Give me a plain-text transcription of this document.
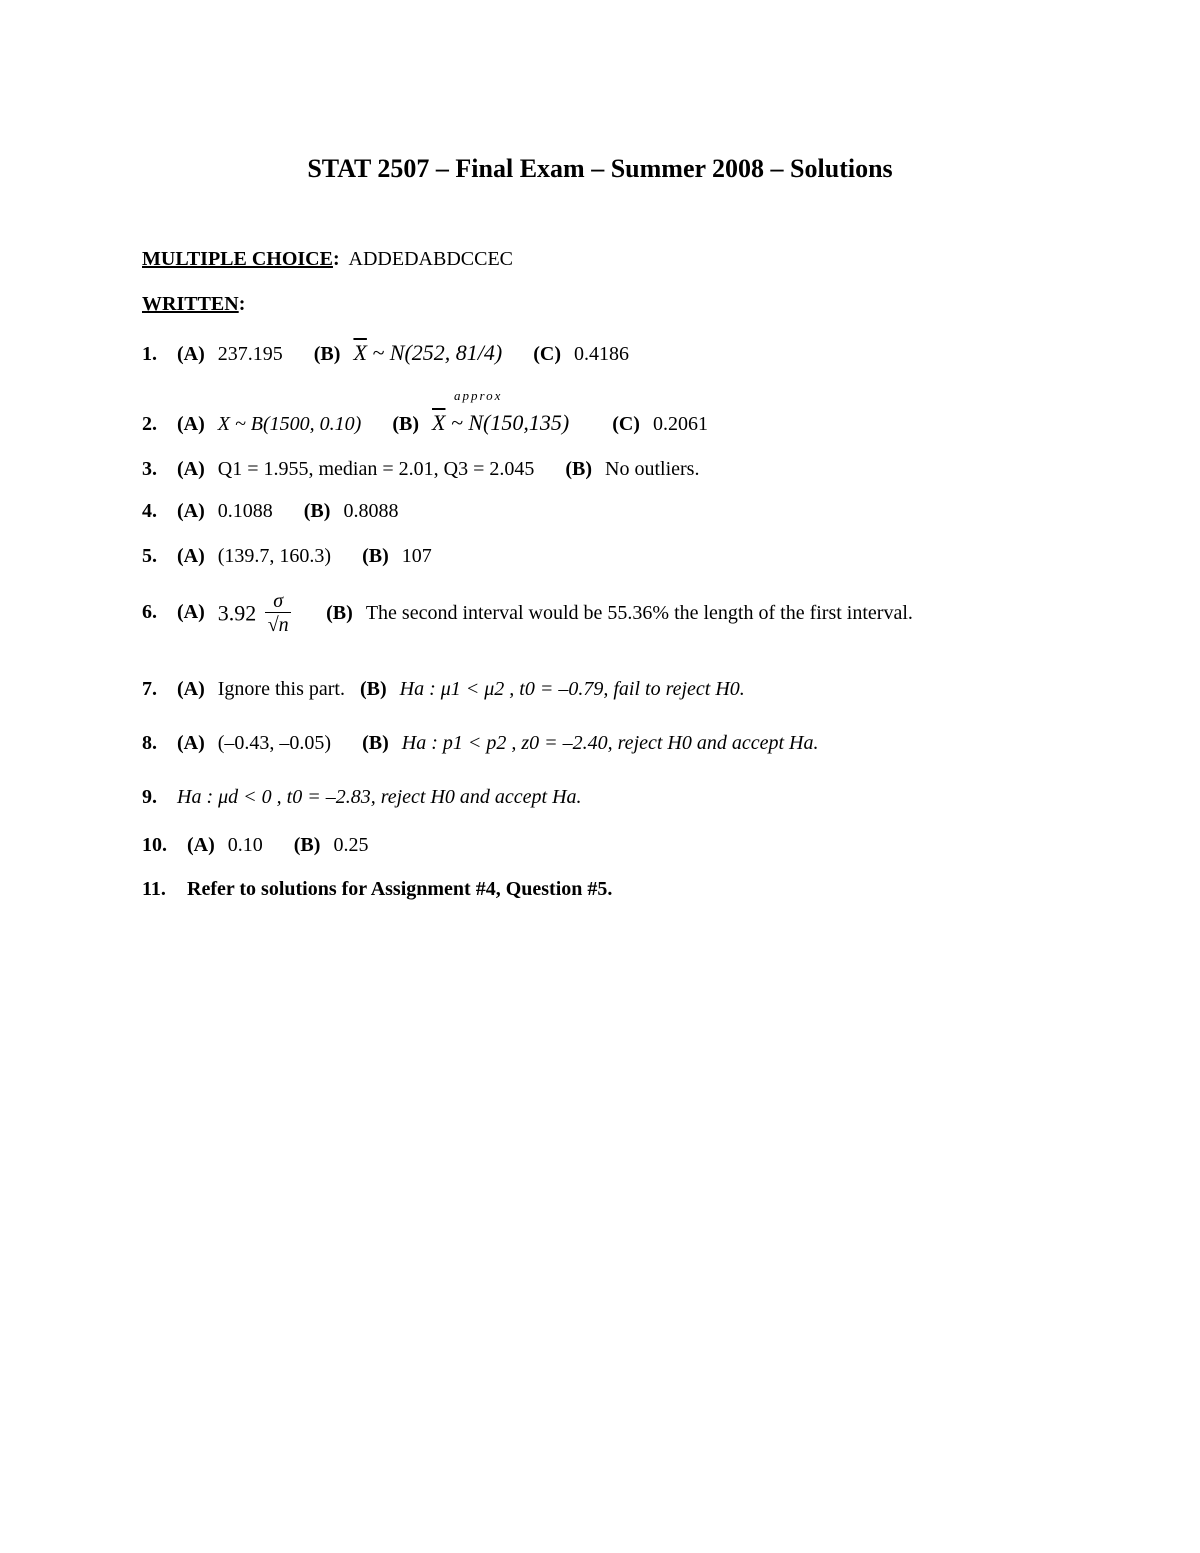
STAT 2507 – Final Exam – Summer 2008 – Solutions
MULTIPLE CHOICE: ADDEDABDCCEC
WRITTEN:
1. (A) 237.195 (B) $\overline{X}$ ~ N(252, 81/4) (C) 0.4186
2. (A) X ~ B(1500, 0.10) (B)
approx
$\overline{X}$ ~ N(150,135) (C) 0.2061
3. (A) Q1 = 1.955, median = 2.01, Q3 = 2.045 (B) No outliers.
4. (A) 0.1088 (B) 0.8088
5. (A) (139.7, 160.3) (B) 107
6. (A) $3.92 \frac{\sigma}{√n} (B)$ The second interval would be 55.36% the length of the first interval.
7. (A) Ignore this part. (B) Ha : μ1 < μ2 , t0 = –0.79, fail to reject H0.
8. (A) (–0.43, –0.05) (B) Ha : p1 < p2 , z0 = –2.40, reject H0 and accept Ha.
9. Ha : μd < 0 , t0 = –2.83, reject H0 and accept Ha.
10. (A) 0.10 (B) 0.25
11. Refer to solutions for Assignment #4, Question #5.
